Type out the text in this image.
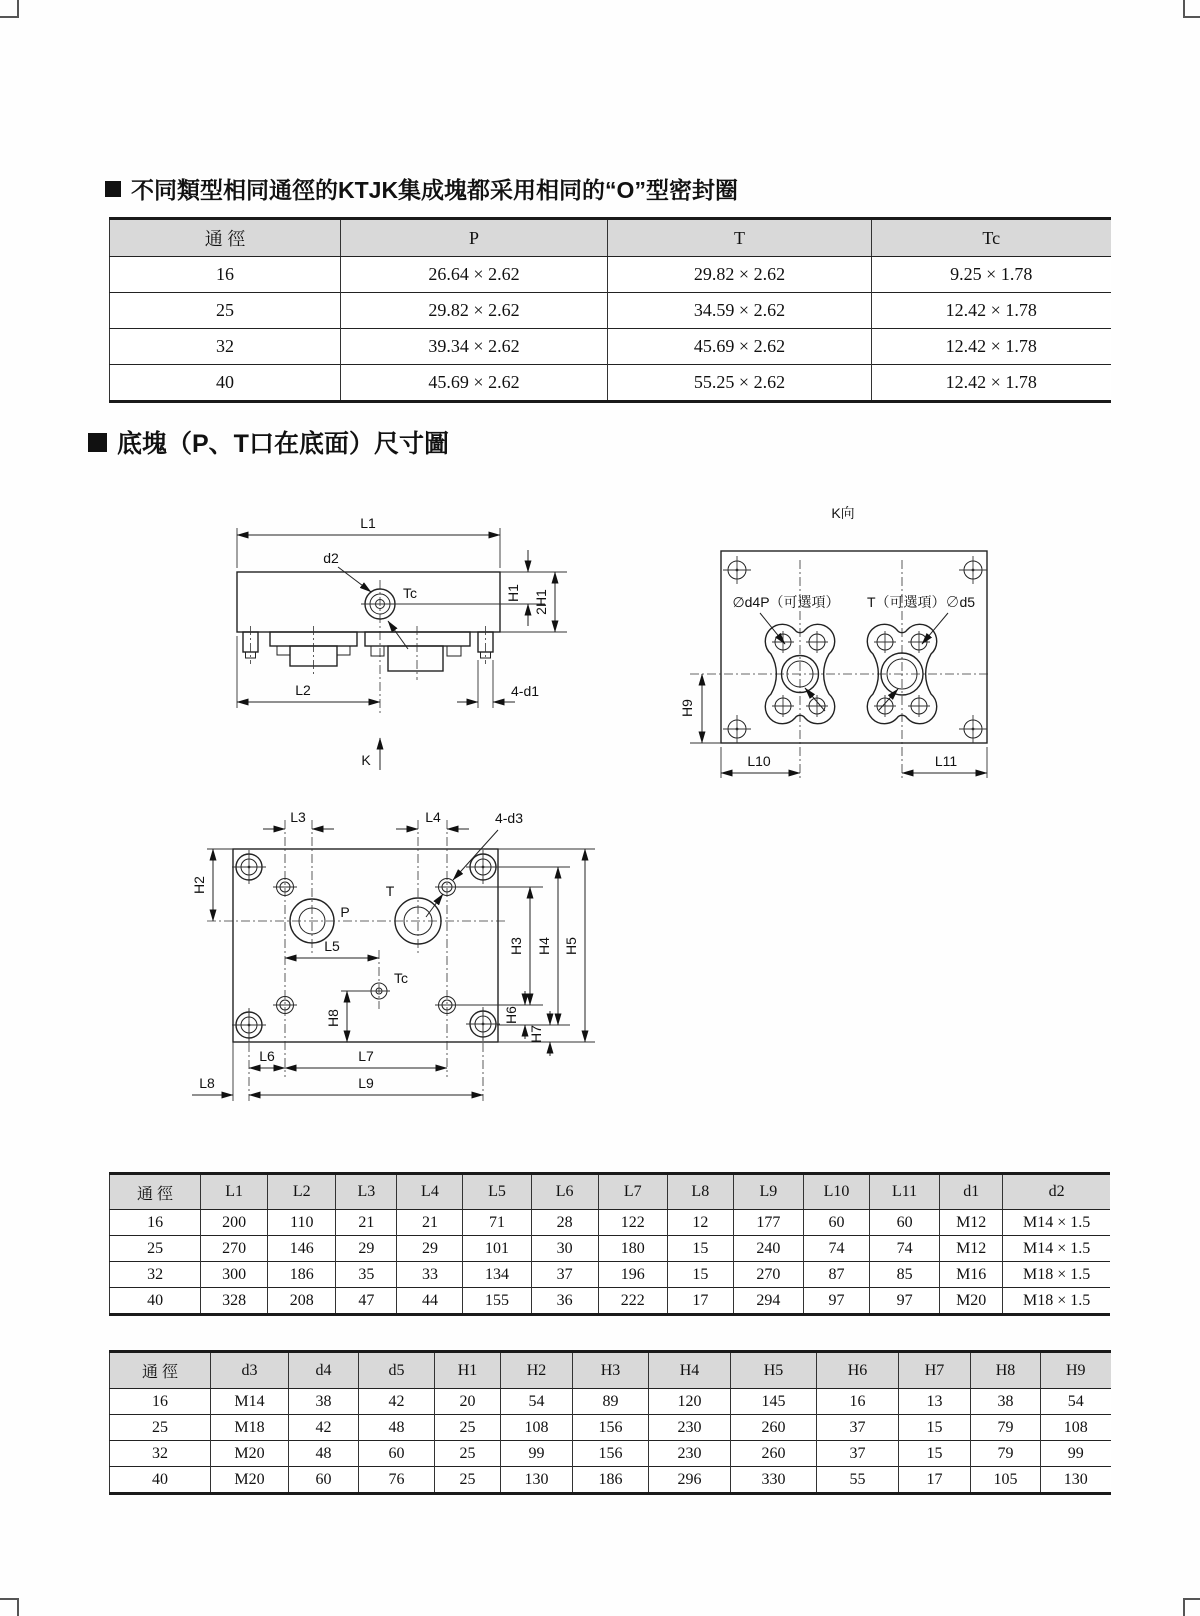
不同類型相同通徑的KTJK集成塊都采用相同的“O”型密封圈
通 徑	P	T	Tc
16	26.64 × 2.62	29.82 × 2.62	9.25 × 1.78
25	29.82 × 2.62	34.59 × 2.62	12.42 × 1.78
32	39.34 × 2.62	45.69 × 2.62	12.42 × 1.78
40	45.69 × 2.62	55.25 × 2.62	12.42 × 1.78
底塊（P、T口在底面）尺寸圖
L1
Tc
d2
H1 2H1
L2	4-d1
K
K向
∅d4P（可選項） T（可選項）∅d5
H9
L10	L11
P
T
Tc
L3	L4	4-d3
H2
L5
H8
H3
H6
H4
H7
H5
L6	L7
L8	L9
通 徑	L1	L2	L3	L4	L5	L6	L7	L8	L9	L10	L11	d1	d2
16	200	110	21	21	71	28	122	12	177	60	60	M12	M14 × 1.5
25	270	146	29	29	101	30	180	15	240	74	74	M12	M14 × 1.5
32	300	186	35	33	134	37	196	15	270	87	85	M16	M18 × 1.5
40	328	208	47	44	155	36	222	17	294	97	97	M20	M18 × 1.5
通 徑	d3	d4	d5	H1	H2	H3	H4	H5	H6	H7	H8	H9
16	M14	38	42	20	54	89	120	145	16	13	38	54
25	M18	42	48	25	108	156	230	260	37	15	79	108
32	M20	48	60	25	99	156	230	260	37	15	79	99
40	M20	60	76	25	130	186	296	330	55	17	105	130
